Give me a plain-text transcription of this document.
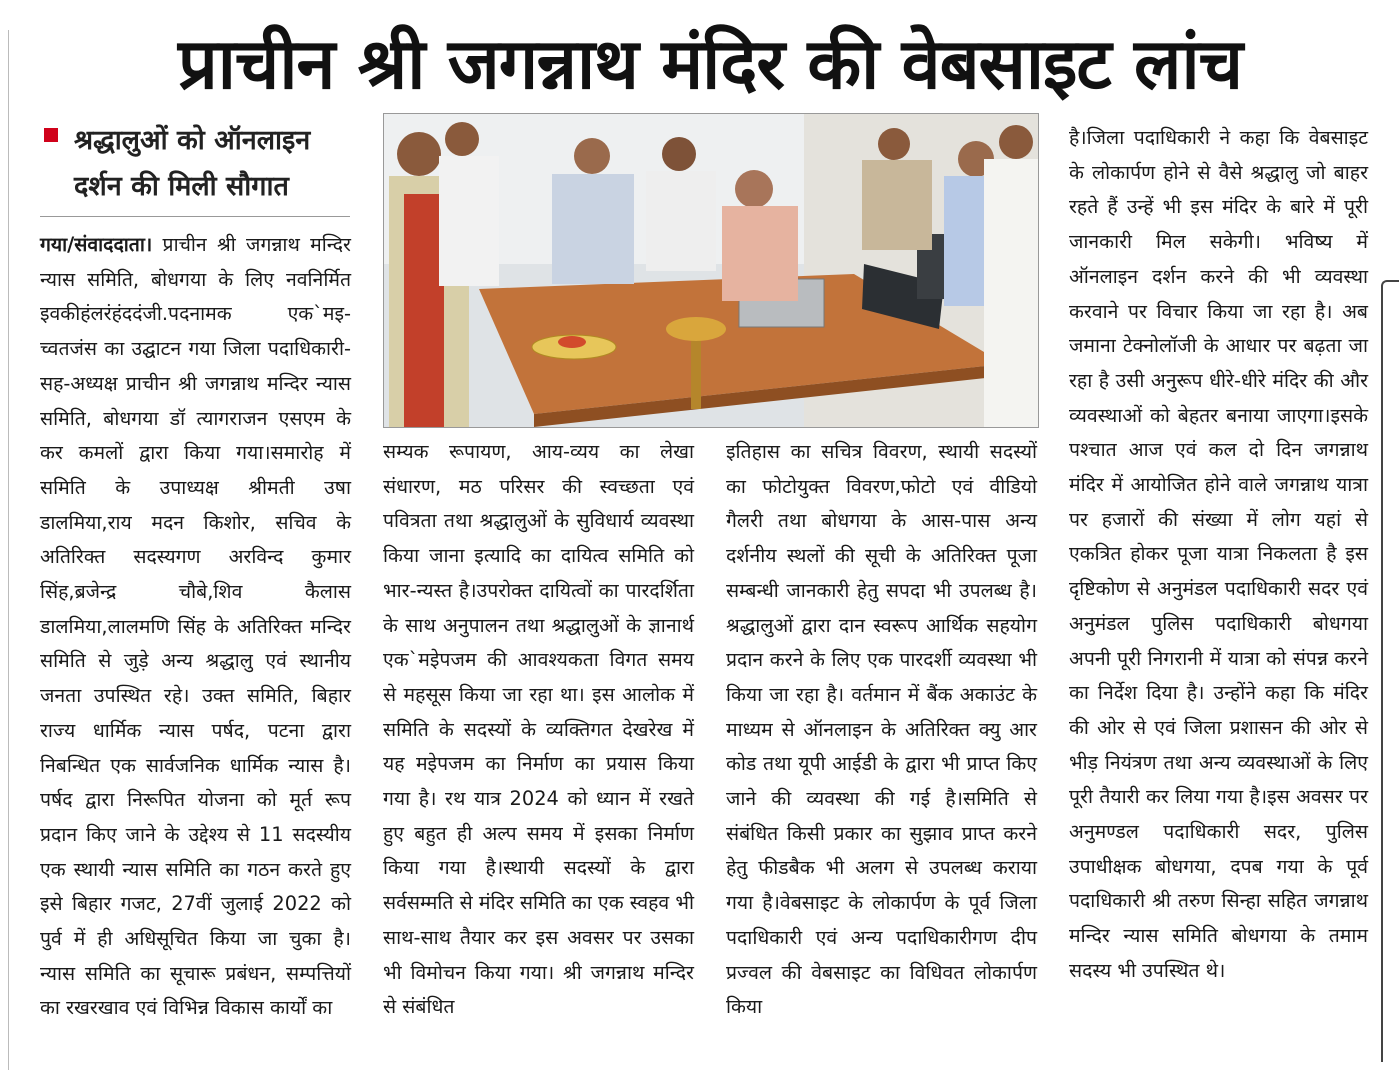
प्राचीन श्री जगन्नाथ मंदिर की वेबसाइट लांच

श्रद्धालुओं को ऑनलाइन

दर्शन की मिली सौगात

गया/संवाददाता। प्राचीन श्री जगन्नाथ मन्दिर न्यास समिति, बोधगया के लिए नवनिर्मित इवकीहंलरंहंददंजी.पदनामक एक`मइ-च्वतजंस का उद्घाटन गया जिला पदाधिकारी-सह-अध्यक्ष प्राचीन श्री जगन्नाथ मन्दिर न्यास समिति, बोधगया डॉ त्यागराजन एसएम के कर कमलों द्वारा किया गया।समारोह में समिति के उपाध्यक्ष श्रीमती उषा डालमिया,राय मदन किशोर, सचिव के अतिरिक्त सदस्यगण अरविन्द कुमार सिंह,ब्रजेन्द्र चौबे,शिव कैलास डालमिया,लालमणि सिंह के अतिरिक्त मन्दिर समिति से जुड़े अन्य श्रद्धालु एवं स्थानीय जनता उपस्थित रहे। उक्त समिति, बिहार राज्य धार्मिक न्यास पर्षद, पटना द्वारा निबन्धित एक सार्वजनिक धार्मिक न्यास है।पर्षद द्वारा निरूपित योजना को मूर्त रूप प्रदान किए जाने के उद्देश्य से 11 सदस्यीय एक स्थायी न्यास समिति का गठन करते हुए इसे बिहार गजट, 27वीं जुलाई 2022 को पुर्व में ही अधिसूचित किया जा चुका है। न्यास समिति का सूचारू प्रबंधन, सम्पत्तियों का रखरखाव एवं विभिन्न विकास कार्यों का

सम्यक रूपायण, आय-व्यय का लेखा संधारण, मठ परिसर की स्वच्छता एवं पवित्रता तथा श्रद्धालुओं के सुविधार्य व्यवस्था किया जाना इत्यादि का दायित्व समिति को भार-न्यस्त है।उपरोक्त दायित्वों का पारदर्शिता के साथ अनुपालन तथा श्रद्धालुओं के ज्ञानार्थ एक`मइेपजम की आवश्यकता विगत समय से महसूस किया जा रहा था। इस आलोक में समिति के सदस्यों के व्यक्तिगत देखरेख में यह मइेपजम का निर्माण का प्रयास किया गया है। रथ यात्र 2024 को ध्यान में रखते हुए बहुत ही अल्प समय में इसका निर्माण किया गया है।स्थायी सदस्यों के द्वारा सर्वसम्मति से मंदिर समिति का एक स्वहव भी साथ-साथ तैयार कर इस अवसर पर उसका भी विमोचन किया गया। श्री जगन्नाथ मन्दिर से संबंधित

इतिहास का सचित्र विवरण, स्थायी सदस्यों का फोटोयुक्त विवरण,फोटो एवं वीडियो गैलरी तथा बोधगया के आस-पास अन्य दर्शनीय स्थलों की सूची के अतिरिक्त पूजा सम्बन्धी जानकारी हेतु सपदा भी उपलब्ध है।श्रद्धालुओं द्वारा दान स्वरूप आर्थिक सहयोग प्रदान करने के लिए एक पारदर्शी व्यवस्था भी किया जा रहा है। वर्तमान में बैंक अकाउंट के माध्यम से ऑनलाइन के अतिरिक्त क्यु आर कोड तथा यूपी आईडी के द्वारा भी प्राप्त किए जाने की व्यवस्था की गई है।समिति से संबंधित किसी प्रकार का सुझाव प्राप्त करने हेतु फीडबैक भी अलग से उपलब्ध कराया गया है।वेबसाइट के लोकार्पण के पूर्व जिला पदाधिकारी एवं अन्य पदाधिकारीगण दीप प्रज्वल की वेबसाइट का विधिवत लोकार्पण किया

है।जिला पदाधिकारी ने कहा कि वेबसाइट के लोकार्पण होने से वैसे श्रद्धालु जो बाहर रहते हैं उन्हें भी इस मंदिर के बारे में पूरी जानकारी मिल सकेगी। भविष्य में ऑनलाइन दर्शन करने की भी व्यवस्था करवाने पर विचार किया जा रहा है। अब जमाना टेक्नोलॉजी के आधार पर बढ़ता जा रहा है उसी अनुरूप धीरे-धीरे मंदिर की और व्यवस्थाओं को बेहतर बनाया जाएगा।इसके पश्चात आज एवं कल दो दिन जगन्नाथ मंदिर में आयोजित होने वाले जगन्नाथ यात्रा पर हजारों की संख्या में लोग यहां से एकत्रित होकर पूजा यात्रा निकलता है इस दृष्टिकोण से अनुमंडल पदाधिकारी सदर एवं अनुमंडल पुलिस पदाधिकारी बोधगया अपनी पूरी निगरानी में यात्रा को संपन्न करने का निर्देश दिया है। उन्होंने कहा कि मंदिर की ओर से एवं जिला प्रशासन की ओर से भीड़ नियंत्रण तथा अन्य व्यवस्थाओं के लिए पूरी तैयारी कर लिया गया है।इस अवसर पर अनुमण्डल पदाधिकारी सदर, पुलिस उपाधीक्षक बोधगया, दपब गया के पूर्व पदाधिकारी श्री तरुण सिन्हा सहित जगन्नाथ मन्दिर न्यास समिति बोधगया के तमाम सदस्य भी उपस्थित थे।
